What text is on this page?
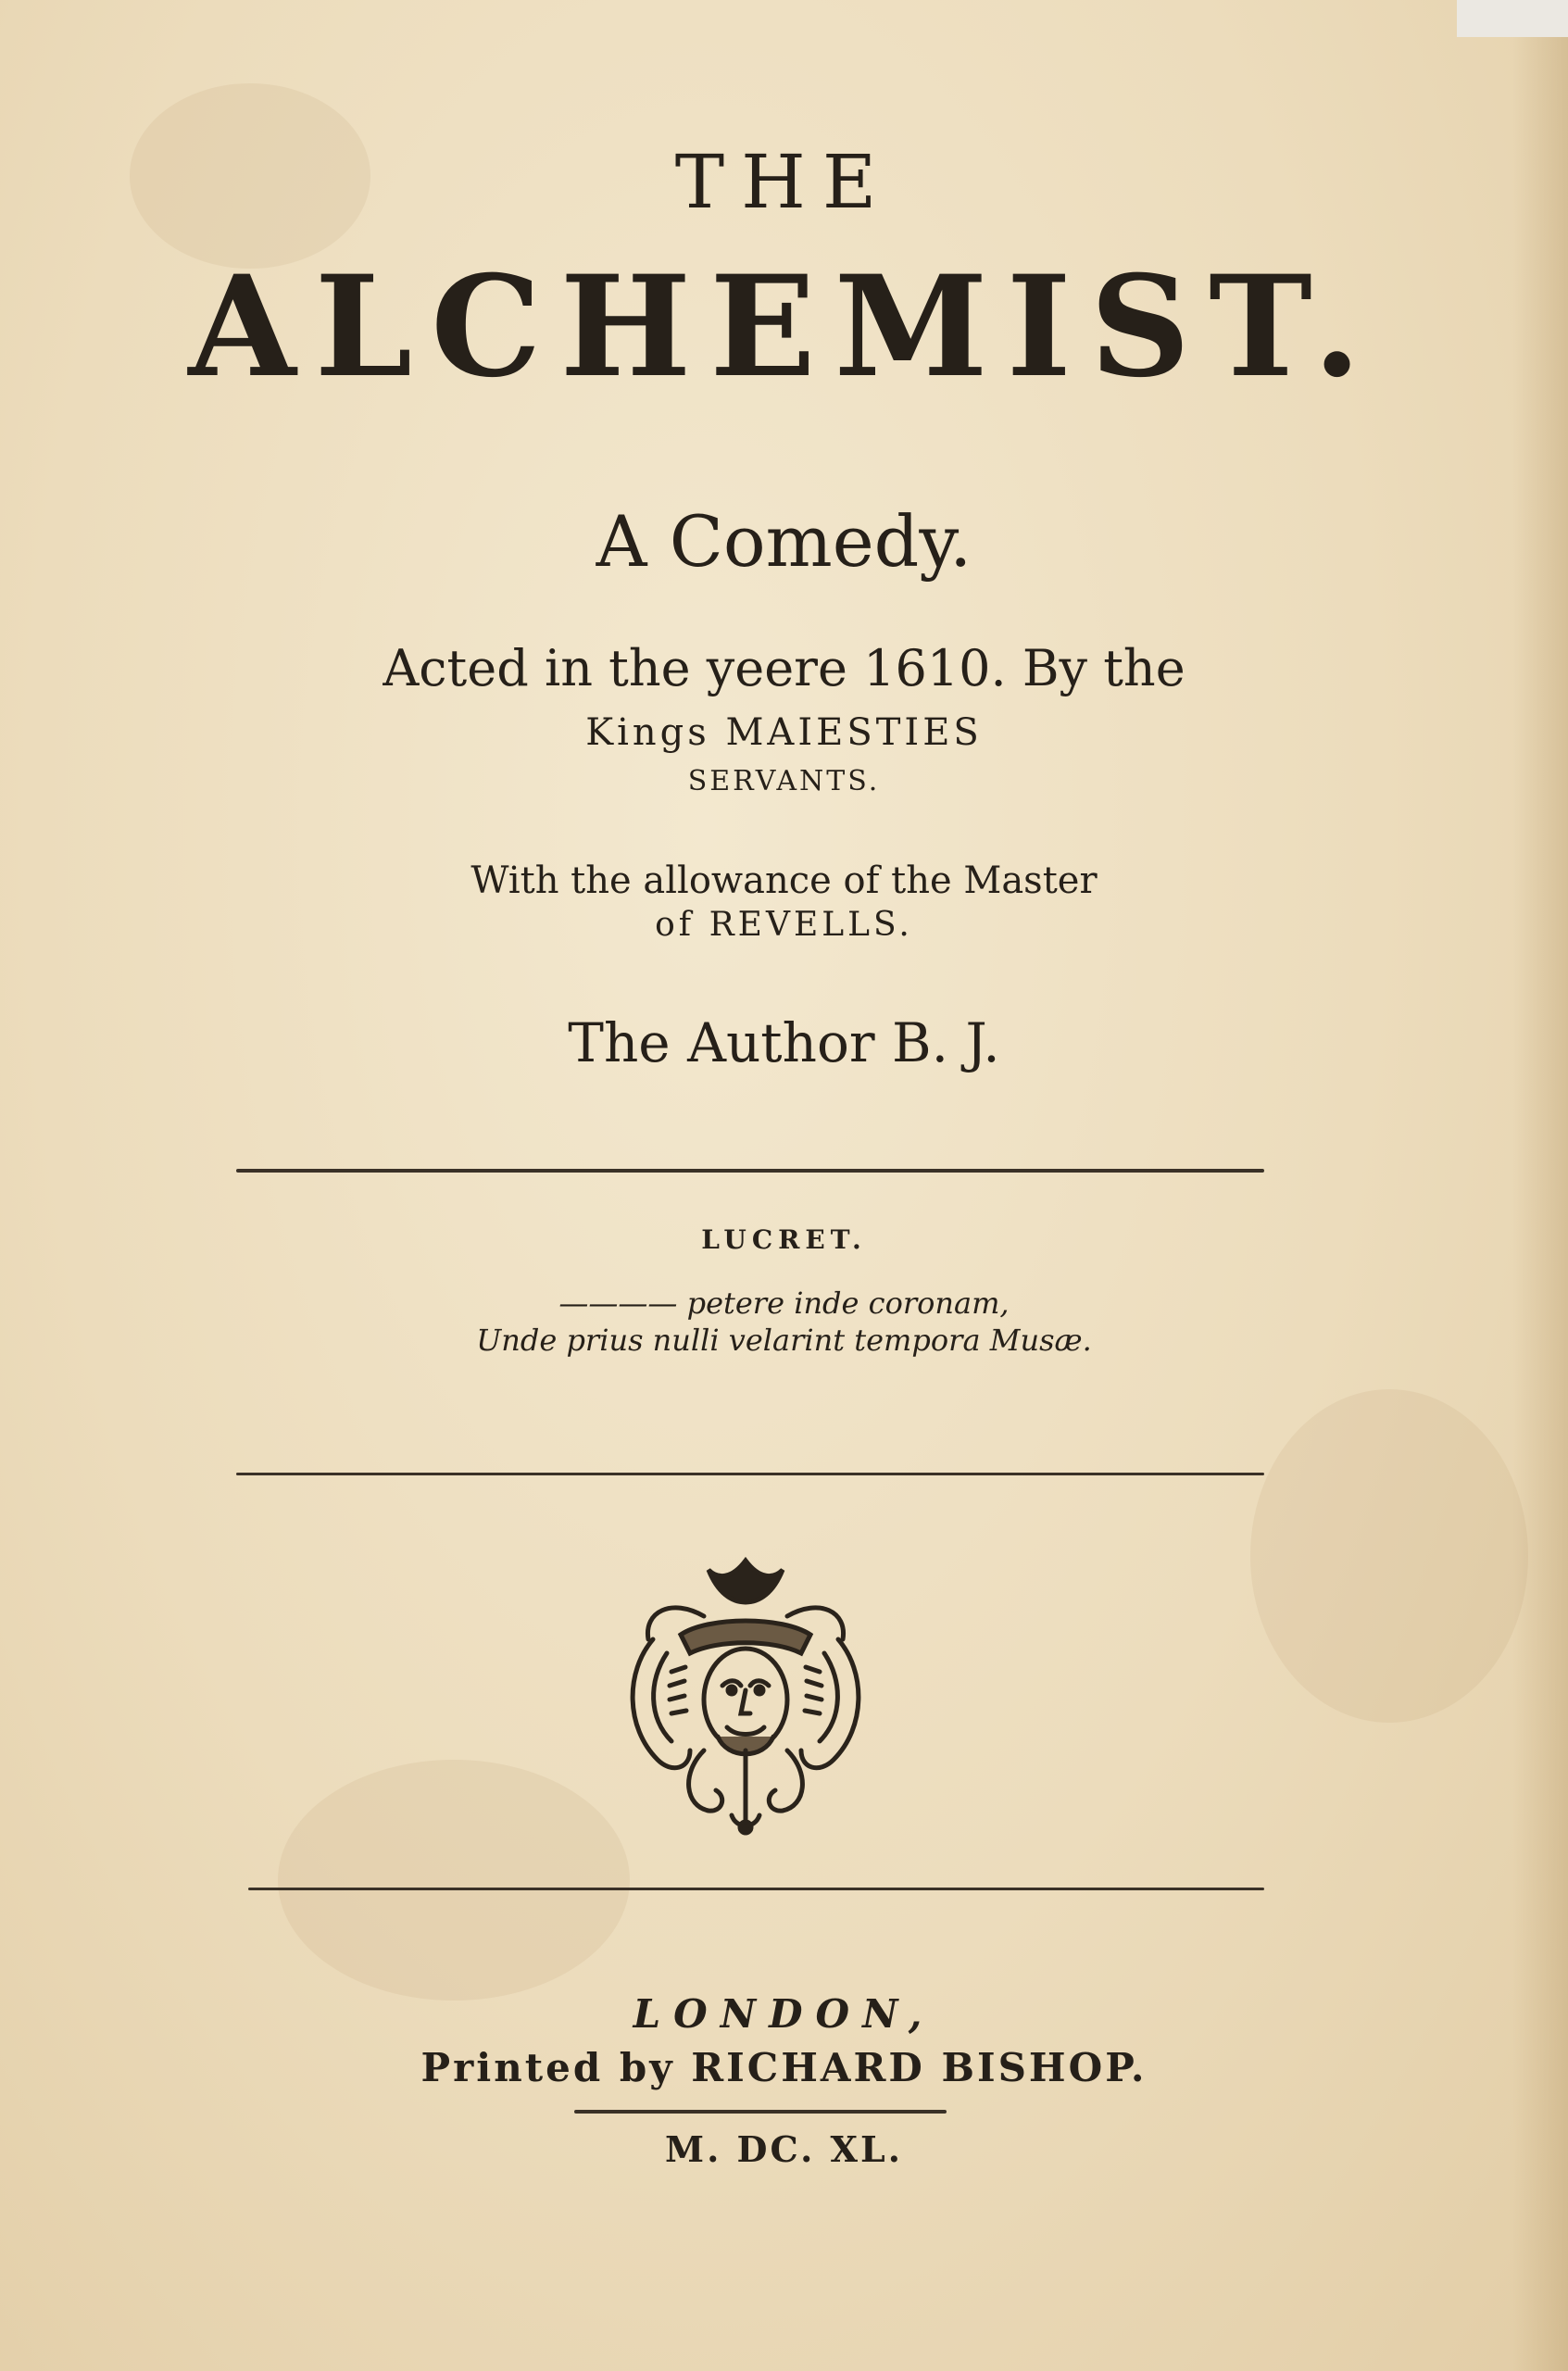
THE

ALCHEMIST.

A Comedy.

Acted in the yeere 1610. By the

Kings MAIESTIES

SERVANTS.

With the allowance of the Master

of REVELLS.

The Author B. J.

LUCRET.

———— petere inde coronam,

Unde prius nulli velarint tempora Musæ.

LONDON,

Printed by RICHARD BISHOP.

M. DC. XL.
